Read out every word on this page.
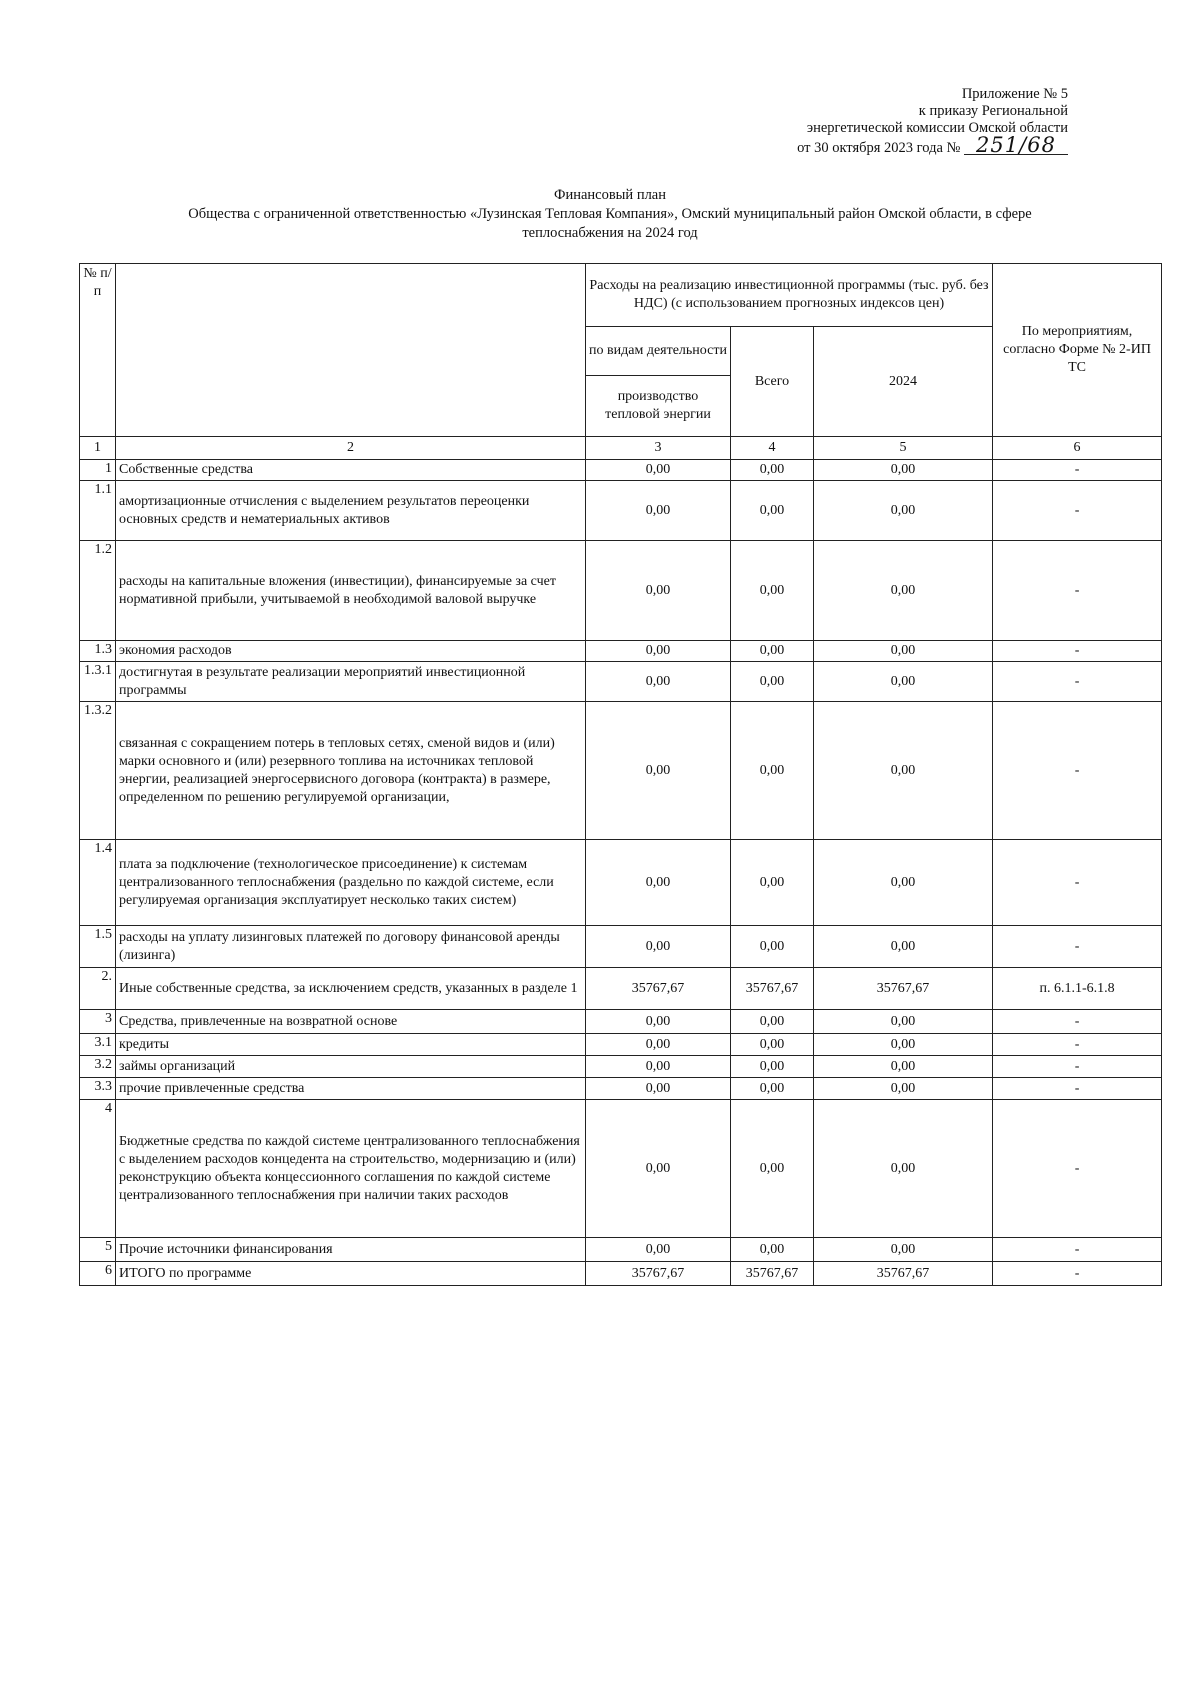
Приложение № 5
к приказу Региональной
энергетической комиссии Омской области
от 30 октября 2023 года № 251/68
Финансовый план
Общества с ограниченной ответственностью «Лузинская Тепловая Компания», Омский муниципальный район Омской области, в сфере
теплоснабжения на 2024 год
№ п/п		Расходы на реализацию инвестиционной программы (тыс. руб. без НДС) (с использованием прогнозных индексов цен)			По мероприятиям, согласно Форме № 2-ИП ТС
		по видам деятельности	Всего	2024	
		производство тепловой энергии			
1	2	3	4	5	6
1	Собственные средства	0,00	0,00	0,00	-
1.1	амортизационные отчисления с выделением результатов переоценки основных средств и нематериальных активов	0,00	0,00	0,00	-
1.2	расходы на капитальные вложения (инвестиции), финансируемые за счет нормативной прибыли, учитываемой в необходимой валовой выручке	0,00	0,00	0,00	-
1.3	экономия расходов	0,00	0,00	0,00	-
1.3.1	достигнутая в результате реализации мероприятий инвестиционной программы	0,00	0,00	0,00	-
1.3.2	связанная с сокращением потерь в тепловых сетях, сменой видов и (или) марки основного и (или) резервного топлива на источниках тепловой энергии, реализацией энергосервисного договора (контракта) в размере, определенном по решению регулируемой организации,	0,00	0,00	0,00	-
1.4	плата за подключение (технологическое присоединение) к системам централизованного теплоснабжения (раздельно по каждой системе, если регулируемая организация эксплуатирует несколько таких систем)	0,00	0,00	0,00	-
1.5	расходы на уплату лизинговых платежей по договору финансовой аренды (лизинга)	0,00	0,00	0,00	-
2.	Иные собственные средства, за исключением средств, указанных в разделе 1	35767,67	35767,67	35767,67	п. 6.1.1-6.1.8
3	Средства, привлеченные на возвратной основе	0,00	0,00	0,00	-
3.1	кредиты	0,00	0,00	0,00	-
3.2	займы организаций	0,00	0,00	0,00	-
3.3	прочие привлеченные средства	0,00	0,00	0,00	-
4	Бюджетные средства по каждой системе централизованного теплоснабжения с выделением расходов концедента на строительство, модернизацию и (или) реконструкцию объекта концессионного соглашения по каждой системе централизованного теплоснабжения при наличии таких расходов	0,00	0,00	0,00	-
5	Прочие источники финансирования	0,00	0,00	0,00	-
6	ИТОГО по программе	35767,67	35767,67	35767,67	-
